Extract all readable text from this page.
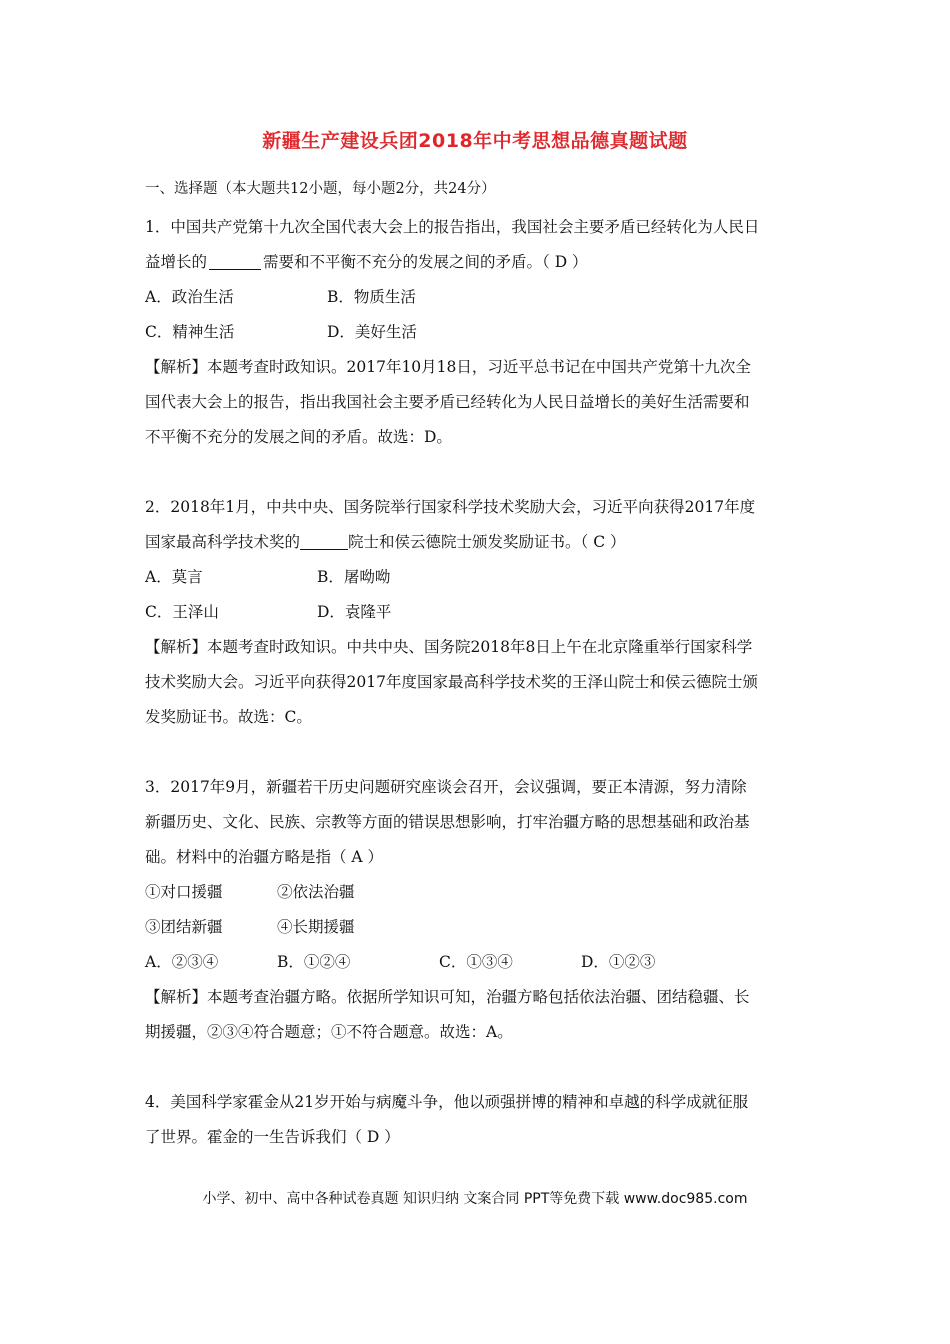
新疆生产建设兵团2018年中考思想品德真题试题
一、选择题（本大题共12小题，每小题2分，共24分）
1．中国共产党第十九次全国代表大会上的报告指出，我国社会主要矛盾已经转化为人民日
益增长的	需要和不平衡不充分的发展之间的矛盾。（ D ）
A．政治生活	B．物质生活
C．精神生活	D．美好生活
【解析】本题考查时政知识。2017年10月18日，习近平总书记在中国共产党第十九次全
国代表大会上的报告，指出我国社会主要矛盾已经转化为人民日益增长的美好生活需要和
不平衡不充分的发展之间的矛盾。故选：D。
2．2018年1月，中共中央、国务院举行国家科学技术奖励大会，习近平向获得2017年度
国家最高科学技术奖的	院士和侯云德院士颁发奖励证书。（ C ）
A．莫言	B．屠呦呦
C．王泽山	D．袁隆平
【解析】本题考查时政知识。中共中央、国务院2018年8日上午在北京隆重举行国家科学
技术奖励大会。习近平向获得2017年度国家最高科学技术奖的王泽山院士和侯云德院士颁
发奖励证书。故选：C。
3．2017年9月，新疆若干历史问题研究座谈会召开，会议强调，要正本清源，努力清除
新疆历史、文化、民族、宗教等方面的错误思想影响，打牢治疆方略的思想基础和政治基
础。材料中的治疆方略是指（ A ）
①对口援疆	②依法治疆
③团结新疆	④长期援疆
A．②③④	B．①②④	C．①③④	D．①②③
【解析】本题考查治疆方略。依据所学知识可知，治疆方略包括依法治疆、团结稳疆、长
期援疆，②③④符合题意；①不符合题意。故选：A。
4．美国科学家霍金从21岁开始与病魔斗争，他以顽强拼博的精神和卓越的科学成就征服
了世界。霍金的一生告诉我们（ D ）
小学、初中、高中各种试卷真题 知识归纳 文案合同 PPT等免费下载 www.doc985.com
